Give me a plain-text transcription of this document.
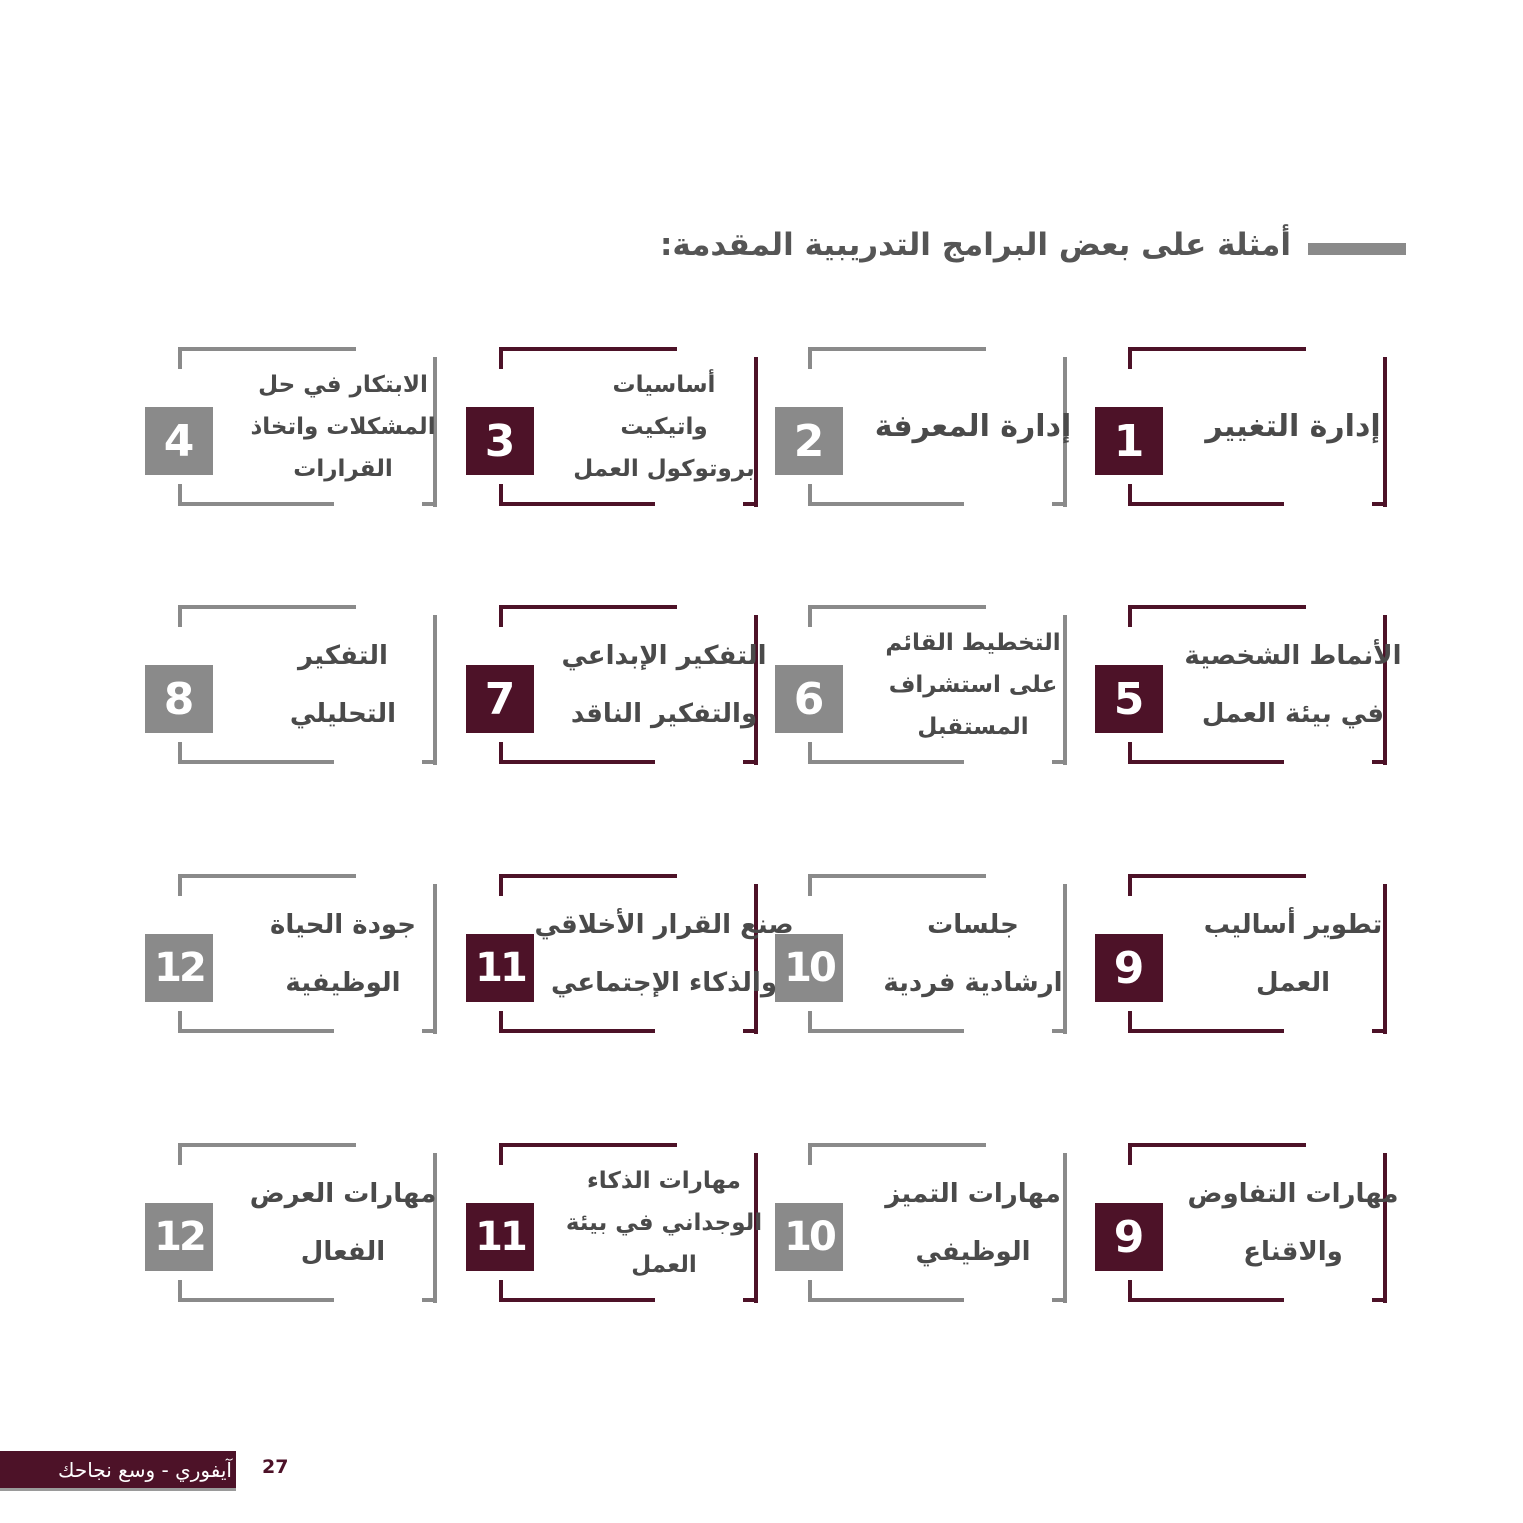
أمثلة على بعض البرامج التدريبية المقدمة:
1	إدارة التغيير
2	إدارة المعرفة
3
أساسيات
واتيكيت
بروتوكول العمل
4
الابتكار في حل
المشكلات واتخاذ
القرارات
5
الأنماط الشخصية
في بيئة العمل
6
التخطيط القائم
على استشراف
المستقبل
7
التفكير الإبداعي
والتفكير الناقد
8
التفكير
التحليلي
9
تطوير أساليب
العمل
10
جلسات
ارشادية فردية
11
صنع القرار الأخلاقي
والذكاء الإجتماعي
12
جودة الحياة
الوظيفية
9
مهارات التفاوض
والاقناع
10
مهارات التميز
الوظيفي
11
مهارات الذكاء
الوجداني في بيئة
العمل
12
مهارات العرض
الفعال
آيفوري - وسع نجاحك 27
